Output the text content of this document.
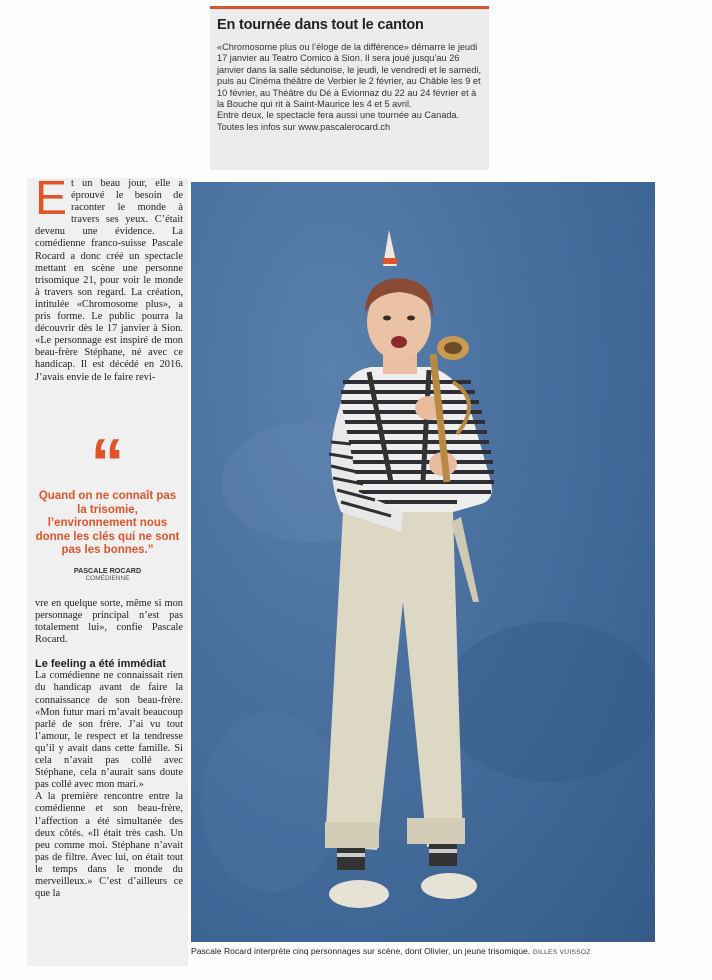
En tournée dans tout le canton

«Chromosome plus ou l’éloge de la différence» démarre le jeudi 17 janvier au Teatro Comico à Sion. Il sera joué jusqu’au 26 janvier dans la salle sédunoise, le jeudi, le vendredi et le samedi, puis au Cinéma théâtre de Verbier le 2 février, au Châble les 9 et 10 février, au Théâtre du Dé à Evionnaz du 22 au 24 février et à la Bouche qui rit à Saint-Maurice les 4 et 5 avril.

Entre deux, le spectacle fera aussi une tournée au Canada. Toutes les infos sur www.pascalerocard.ch

E t un beau jour, elle a éprouvé le besoin de raconter le monde à travers ses yeux. C’était devenu une évidence. La comédienne franco-suisse Pascale Rocard a donc créé un spectacle mettant en scène une personne trisomique 21, pour voir le monde à travers son regard. La création, intitulée «Chromosome plus», a pris forme. Le public pourra la découvrir dès le 17 janvier à Sion. «Le personnage est inspiré de mon beau-frère Stéphane, né avec ce handicap. Il est décédé en 2016. J’avais envie de le faire revi-
“
Quand on ne connaît pas la trisomie, l’environnement nous donne les clés qui ne sont pas les bonnes.”
PASCALE ROCARD
COMÉDIENNE
vre en quelque sorte, même si mon personnage principal n’est pas totalement lui», confie Pascale Rocard.
Le feeling a été immédiat
La comédienne ne connaissait rien du handicap avant de faire la connaissance de son beau-frère. «Mon futur mari m’avait beaucoup parlé de son frère. J’ai vu tout l’amour, le respect et la tendresse qu’il y avait dans cette famille. Si cela n’avait pas collé avec Stéphane, cela n’aurait sans doute pas collé avec mon mari.»
A la première rencontre entre la comédienne et son beau-frère, l’affection a été simultanée des deux côtés. «Il était très cash. Un peu comme moi. Stéphane n’avait pas de filtre. Avec lui, on était tout le temps dans le monde du merveilleux.» C’est d’ailleurs ce que la
Pascale Rocard interprète cinq personnages sur scène, dont Olivier, un jeune trisomique. GILLES VUISSOZ
